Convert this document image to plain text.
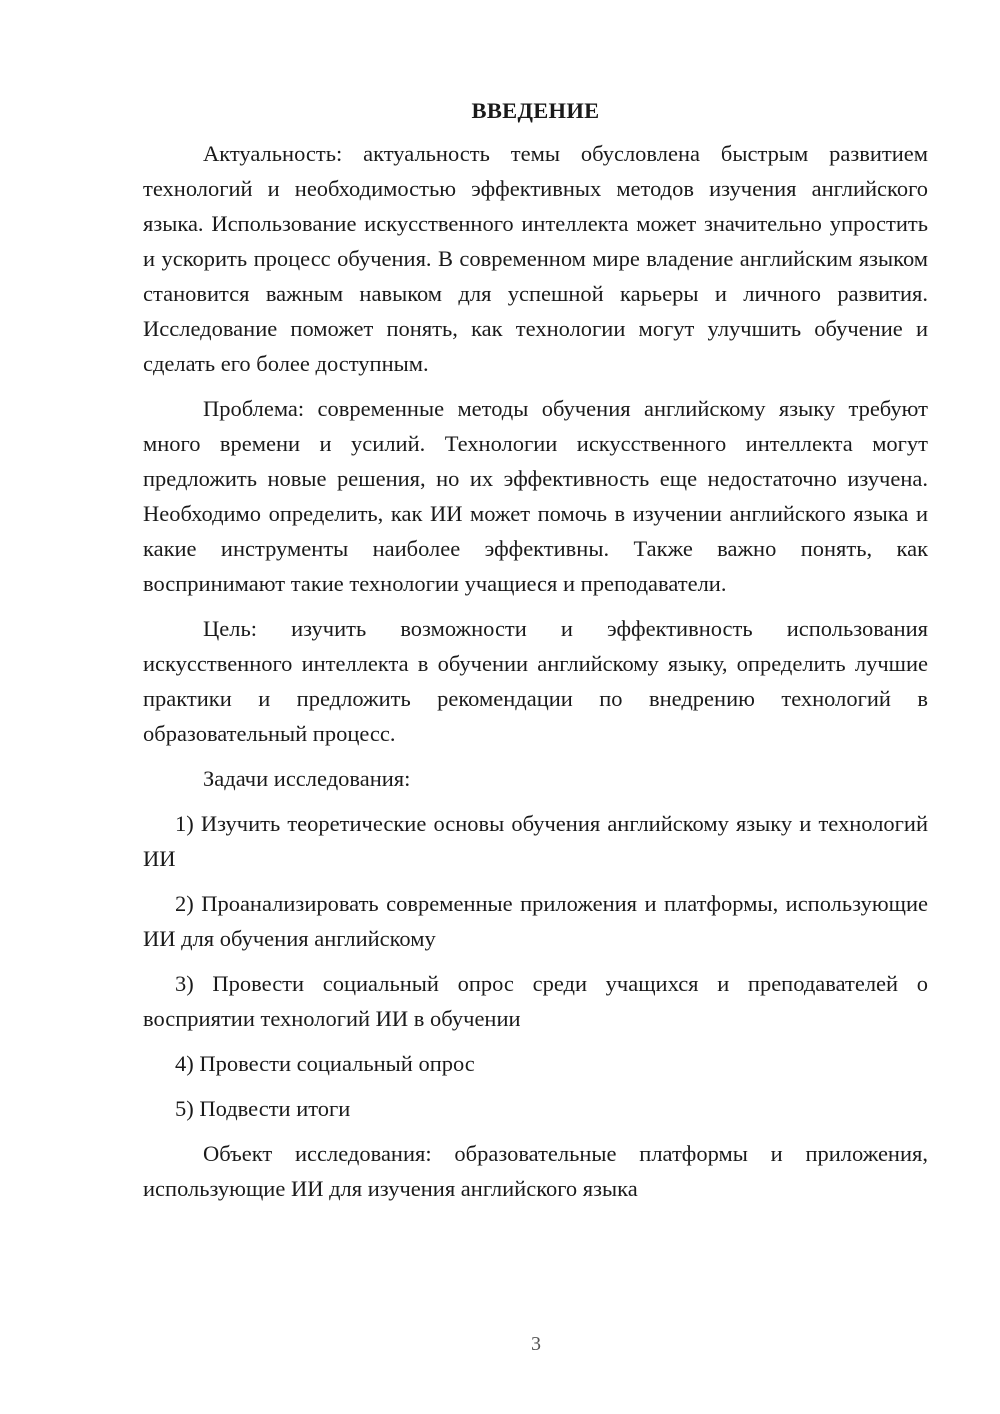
ВВЕДЕНИЕ

Актуальность: актуальность темы обусловлена быстрым развитием технологий и необходимостью эффективных методов изучения английского языка. Использование искусственного интеллекта может значительно упростить и ускорить процесс обучения. В современном мире владение английским языком становится важным навыком для успешной карьеры и личного развития. Исследование поможет понять, как технологии могут улучшить обучение и сделать его более доступным.

Проблема: современные методы обучения английскому языку требуют много времени и усилий. Технологии искусственного интеллекта могут предложить новые решения, но их эффективность еще недостаточно изучена. Необходимо определить, как ИИ может помочь в изучении английского языка и какие инструменты наиболее эффективны. Также важно понять, как воспринимают такие технологии учащиеся и преподаватели.

Цель: изучить возможности и эффективность использования искусственного интеллекта в обучении английскому языку, определить лучшие практики и предложить рекомендации по внедрению технологий в образовательный процесс.

Задачи исследования:

1) Изучить теоретические основы обучения английскому языку и технологий ИИ

2) Проанализировать современные приложения и платформы, использующие ИИ для обучения английскому

3) Провести социальный опрос среди учащихся и преподавателей о восприятии технологий ИИ в обучении

4) Провести социальный опрос

5) Подвести итоги

Объект исследования: образовательные платформы и приложения, использующие ИИ для изучения английского языка

3
